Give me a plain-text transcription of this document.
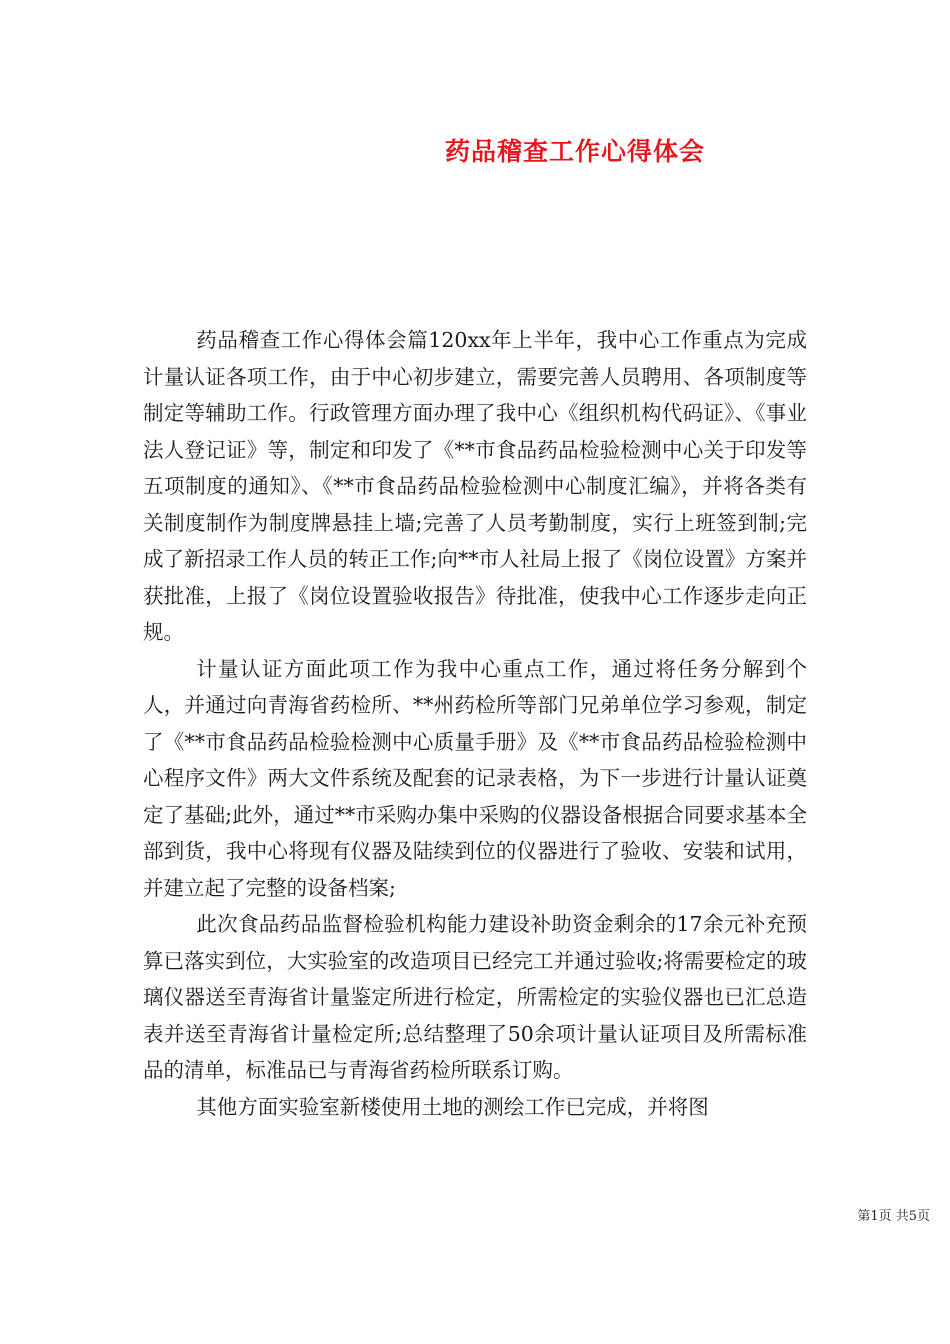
药品稽查工作心得体会

药品稽查工作心得体会篇120xx年上半年，我中心工作重点为完成计量认证各项工作，由于中心初步建立，需要完善人员聘用、各项制度等制定等辅助工作。行政管理方面办理了我中心《组织机构代码证》、《事业法人登记证》等，制定和印发了《**市食品药品检验检测中心关于印发等五项制度的通知》、《**市食品药品检验检测中心制度汇编》，并将各类有关制度制作为制度牌悬挂上墙;完善了人员考勤制度，实行上班签到制;完成了新招录工作人员的转正工作;向**市人社局上报了《岗位设置》方案并获批准，上报了《岗位设置验收报告》待批准，使我中心工作逐步走向正规。

计量认证方面此项工作为我中心重点工作，通过将任务分解到个人，并通过向青海省药检所、**州药检所等部门兄弟单位学习参观，制定了《**市食品药品检验检测中心质量手册》及《**市食品药品检验检测中心程序文件》两大文件系统及配套的记录表格，为下一步进行计量认证奠定了基础;此外，通过**市采购办集中采购的仪器设备根据合同要求基本全部到货，我中心将现有仪器及陆续到位的仪器进行了验收、安装和试用，并建立起了完整的设备档案;

此次食品药品监督检验机构能力建设补助资金剩余的17余元补充预算已落实到位，大实验室的改造项目已经完工并通过验收;将需要检定的玻璃仪器送至青海省计量鉴定所进行检定，所需检定的实验仪器也已汇总造表并送至青海省计量检定所;总结整理了50余项计量认证项目及所需标准品的清单，标准品已与青海省药检所联系订购。

其他方面实验室新楼使用土地的测绘工作已完成，并将图

第1页 共5页
